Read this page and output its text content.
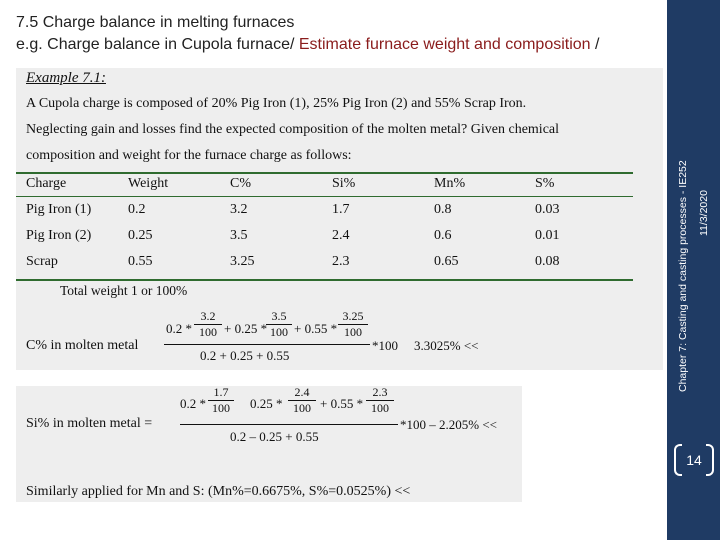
7.5 Charge balance in melting furnaces
e.g. Charge balance in Cupola furnace/ Estimate furnace weight and composition /
Chapter 7: Casting and casting processes - IE252 11/3/2020
14
Example 7.1:
A Cupola charge is composed of 20% Pig Iron (1), 25% Pig Iron (2) and 55% Scrap Iron.
Neglecting gain and losses find the expected composition of the molten metal? Given chemical
composition and weight for the furnace charge as follows:
Charge	Weight	C%	Si%	Mn%	S%
Pig Iron (1)	0.2	3.2	1.7	0.8	0.03
Pig Iron (2)	0.25	3.5	2.4	0.6	0.01
Scrap	0.55	3.25	2.3	0.65	0.08
Total weight 1 or 100%
0.2 *
3.2
100 + 0.25 *
3.5
100 + 0.55 *
3.25
100
C% in molten metal	*100 3.3025% <<
0.2 + 0.25 + 0.55
0.2 *
1.7
100	0.25 *
2.4
100 + 0.55 *
2.3
100
Si% in molten metal =	*100 – 2.205% <<
0.2 – 0.25 + 0.55
Similarly applied for Mn and S: (Mn%=0.6675%, S%=0.0525%) <<
